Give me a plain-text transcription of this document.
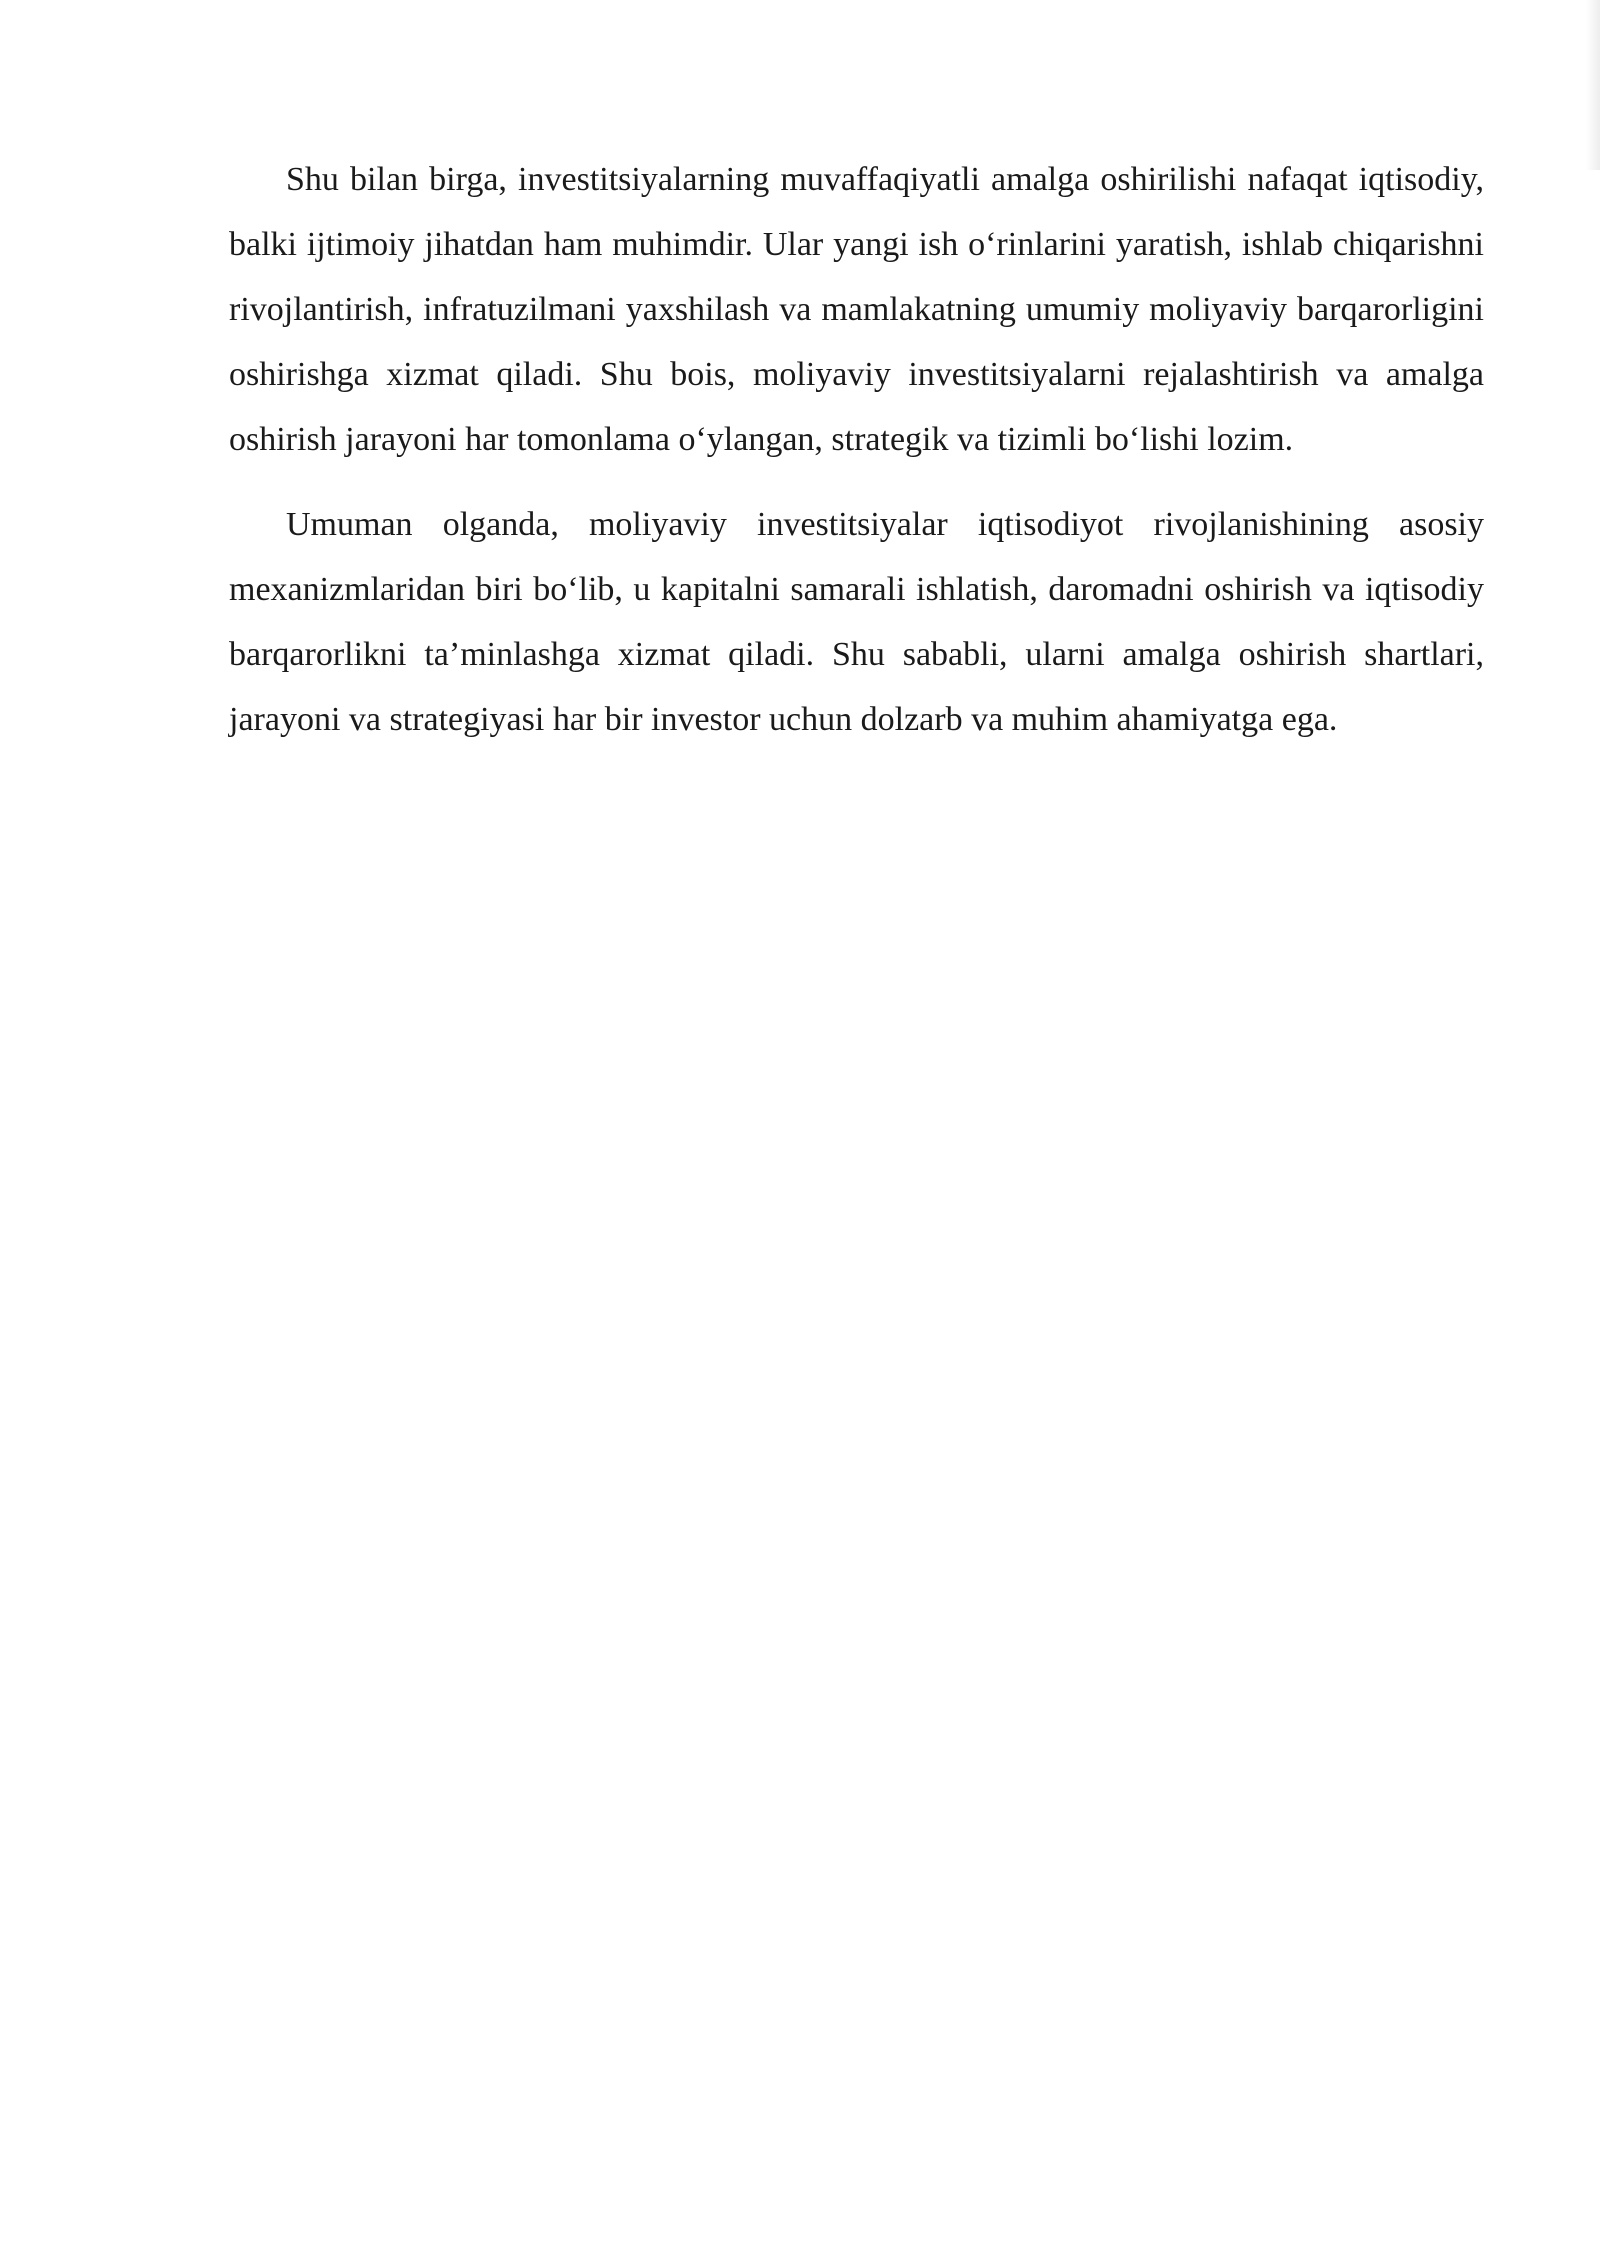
Shu bilan birga, investitsiyalarning muvaffaqiyatli amalga oshirilishi nafaqat iqtisodiy, balki ijtimoiy jihatdan ham muhimdir. Ular yangi ish o‘rinlarini yaratish, ishlab chiqarishni rivojlantirish, infratuzilmani yaxshilash va mamlakatning umumiy moliyaviy barqarorligini oshirishga xizmat qiladi. Shu bois, moliyaviy investitsiyalarni rejalashtirish va amalga oshirish jarayoni har tomonlama o‘ylangan, strategik va tizimli bo‘lishi lozim.

Umuman olganda, moliyaviy investitsiyalar iqtisodiyot rivojlanishining asosiy mexanizmlaridan biri bo‘lib, u kapitalni samarali ishlatish, daromadni oshirish va iqtisodiy barqarorlikni ta’minlashga xizmat qiladi. Shu sababli, ularni amalga oshirish shartlari, jarayoni va strategiyasi har bir investor uchun dolzarb va muhim ahamiyatga ega.
